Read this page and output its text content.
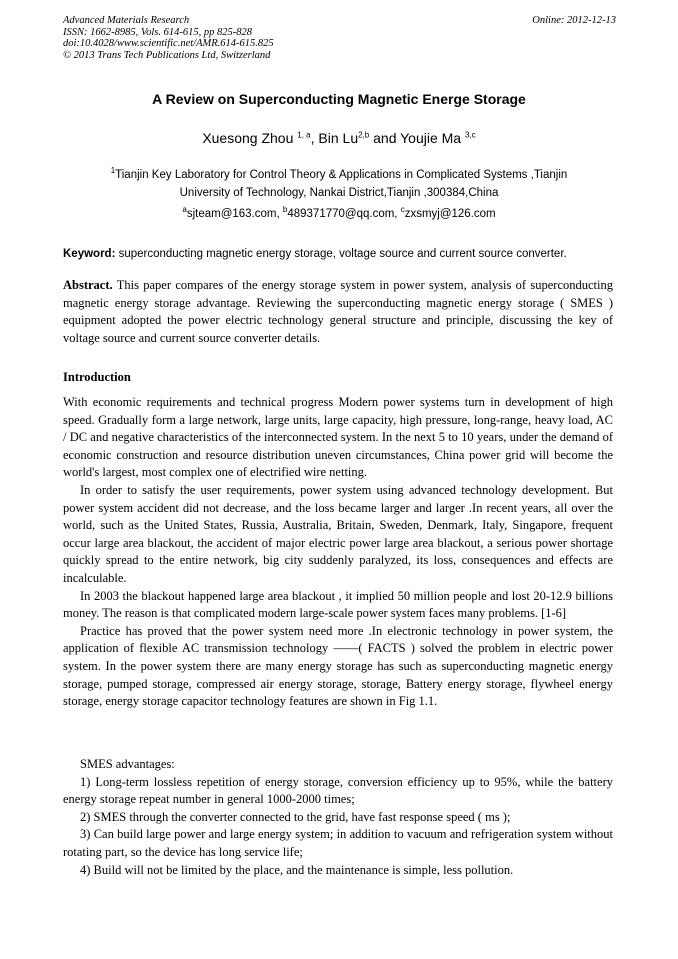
Advanced Materials Research
ISSN: 1662-8985, Vols. 614-615, pp 825-828
doi:10.4028/www.scientific.net/AMR.614-615.825
© 2013 Trans Tech Publications Ltd, Switzerland
Online: 2012-12-13
A Review on Superconducting Magnetic Energe Storage
Xuesong Zhou $^{1, a}$, Bin Lu$^{2,b}$ and Youjie Ma $^{3,c}$
$^1$Tianjin Key Laboratory for Control Theory & Applications in Complicated Systems ,Tianjin
University of Technology, Nankai District,Tianjin ,300384,China
$^a$sjteam@163.com, $^b$489371770@qq.com, $^c$zxsmyj@126.com
Keyword: superconducting magnetic energy storage, voltage source and current source converter.
Abstract. This paper compares of the energy storage system in power system, analysis of superconducting magnetic energy storage advantage. Reviewing the superconducting magnetic energy storage ( SMES ) equipment adopted the power electric technology general structure and principle, discussing the key of voltage source and current source converter details.
Introduction

With economic requirements and technical progress Modern power systems turn in development of high speed. Gradually form a large network, large units, large capacity, high pressure, long-range, heavy load, AC / DC and negative characteristics of the interconnected system. In the next 5 to 10 years, under the demand of economic construction and resource distribution uneven circumstances, China power grid will become the world's largest, most complex one of electrified wire netting.

In order to satisfy the user requirements, power system using advanced technology development. But power system accident did not decrease, and the loss became larger and larger .In recent years, all over the world, such as the United States, Russia, Australia, Britain, Sweden, Denmark, Italy, Singapore, frequent occur large area blackout, the accident of major electric power large area blackout, a serious power shortage quickly spread to the entire network, big city suddenly paralyzed, its loss, consequences and effects are incalculable.

In 2003 the blackout happened large area blackout , it implied 50 million people and lost 20-12.9 billions money. The reason is that complicated modern large-scale power system faces many problems. [1-6]

Practice has proved that the power system need more .In electronic technology in power system, the application of flexible AC transmission technology ——( FACTS ) solved the problem in electric power system. In the power system there are many energy storage has such as superconducting magnetic energy storage, pumped storage, compressed air energy storage, storage, Battery energy storage, flywheel energy storage, energy storage capacitor technology features are shown in Fig 1.1.

SMES advantages:

1) Long-term lossless repetition of energy storage, conversion efficiency up to 95%, while the battery energy storage repeat number in general 1000-2000 times;

2) SMES through the converter connected to the grid, have fast response speed ( ms );

3) Can build large power and large energy system; in addition to vacuum and refrigeration system without rotating part, so the device has long service life;

4) Build will not be limited by the place, and the maintenance is simple, less pollution.
